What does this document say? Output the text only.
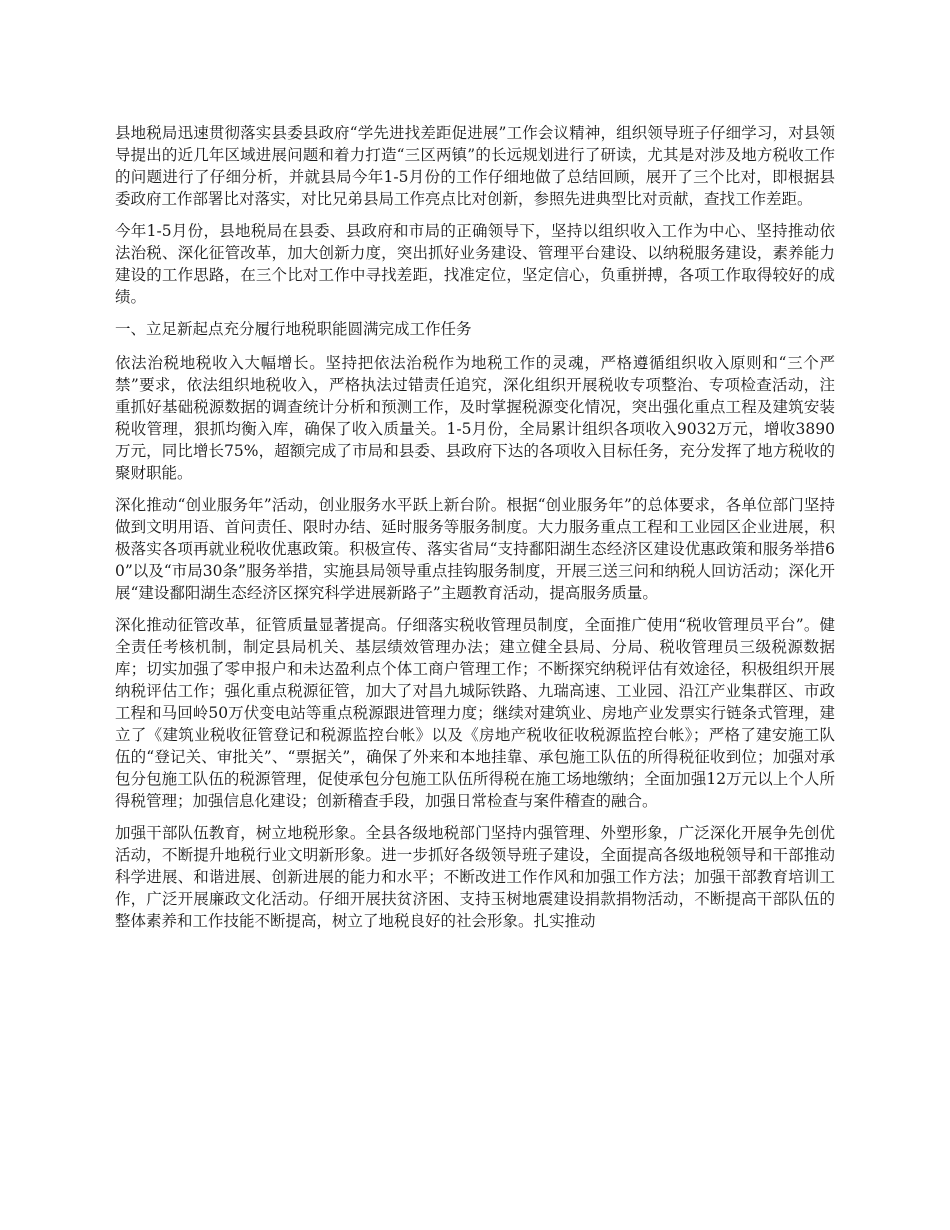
县地税局迅速贯彻落实县委县政府“学先进找差距促进展”工作会议精神，组织领导班子仔细学习，对县领导提出的近几年区域进展问题和着力打造“三区两镇”的长远规划进行了研读，尤其是对涉及地方税收工作的问题进行了仔细分析，并就县局今年1-5月份的工作仔细地做了总结回顾，展开了三个比对，即根据县委政府工作部署比对落实，对比兄弟县局工作亮点比对创新，参照先进典型比对贡献，查找工作差距。

今年1-5月份，县地税局在县委、县政府和市局的正确领导下，坚持以组织收入工作为中心、坚持推动依法治税、深化征管改革，加大创新力度，突出抓好业务建设、管理平台建设、以纳税服务建设，素养能力建设的工作思路，在三个比对工作中寻找差距，找准定位，坚定信心，负重拼搏，各项工作取得较好的成绩。

一、立足新起点充分履行地税职能圆满完成工作任务

依法治税地税收入大幅增长。坚持把依法治税作为地税工作的灵魂，严格遵循组织收入原则和“三个严禁”要求，依法组织地税收入，严格执法过错责任追究，深化组织开展税收专项整治、专项检查活动，注重抓好基础税源数据的调查统计分析和预测工作，及时掌握税源变化情况，突出强化重点工程及建筑安装税收管理，狠抓均衡入库，确保了收入质量关。1-5月份，全局累计组织各项收入9032万元，增收3890万元，同比增长75%，超额完成了市局和县委、县政府下达的各项收入目标任务，充分发挥了地方税收的聚财职能。

深化推动“创业服务年”活动，创业服务水平跃上新台阶。根据“创业服务年”的总体要求，各单位部门坚持做到文明用语、首问责任、限时办结、延时服务等服务制度。大力服务重点工程和工业园区企业进展，积极落实各项再就业税收优惠政策。积极宣传、落实省局“支持鄱阳湖生态经济区建设优惠政策和服务举措60”以及“市局30条”服务举措，实施县局领导重点挂钩服务制度，开展三送三问和纳税人回访活动；深化开展“建设鄱阳湖生态经济区探究科学进展新路子”主题教育活动，提高服务质量。

深化推动征管改革，征管质量显著提高。仔细落实税收管理员制度，全面推广使用“税收管理员平台”。健全责任考核机制，制定县局机关、基层绩效管理办法；建立健全县局、分局、税收管理员三级税源数据库；切实加强了零申报户和未达盈利点个体工商户管理工作；不断探究纳税评估有效途径，积极组织开展纳税评估工作；强化重点税源征管，加大了对昌九城际铁路、九瑞高速、工业园、沿江产业集群区、市政工程和马回岭50万伏变电站等重点税源跟进管理力度；继续对建筑业、房地产业发票实行链条式管理，建立了《建筑业税收征管登记和税源监控台帐》以及《房地产税收征收税源监控台帐》；严格了建安施工队伍的“登记关、审批关”、“票据关”，确保了外来和本地挂靠、承包施工队伍的所得税征收到位；加强对承包分包施工队伍的税源管理，促使承包分包施工队伍所得税在施工场地缴纳；全面加强12万元以上个人所得税管理；加强信息化建设；创新稽查手段，加强日常检查与案件稽查的融合。

加强干部队伍教育，树立地税形象。全县各级地税部门坚持内强管理、外塑形象，广泛深化开展争先创优活动，不断提升地税行业文明新形象。进一步抓好各级领导班子建设，全面提高各级地税领导和干部推动科学进展、和谐进展、创新进展的能力和水平；不断改进工作作风和加强工作方法；加强干部教育培训工作，广泛开展廉政文化活动。仔细开展扶贫济困、支持玉树地震建设捐款捐物活动，不断提高干部队伍的整体素养和工作技能不断提高，树立了地税良好的社会形象。扎实推动
